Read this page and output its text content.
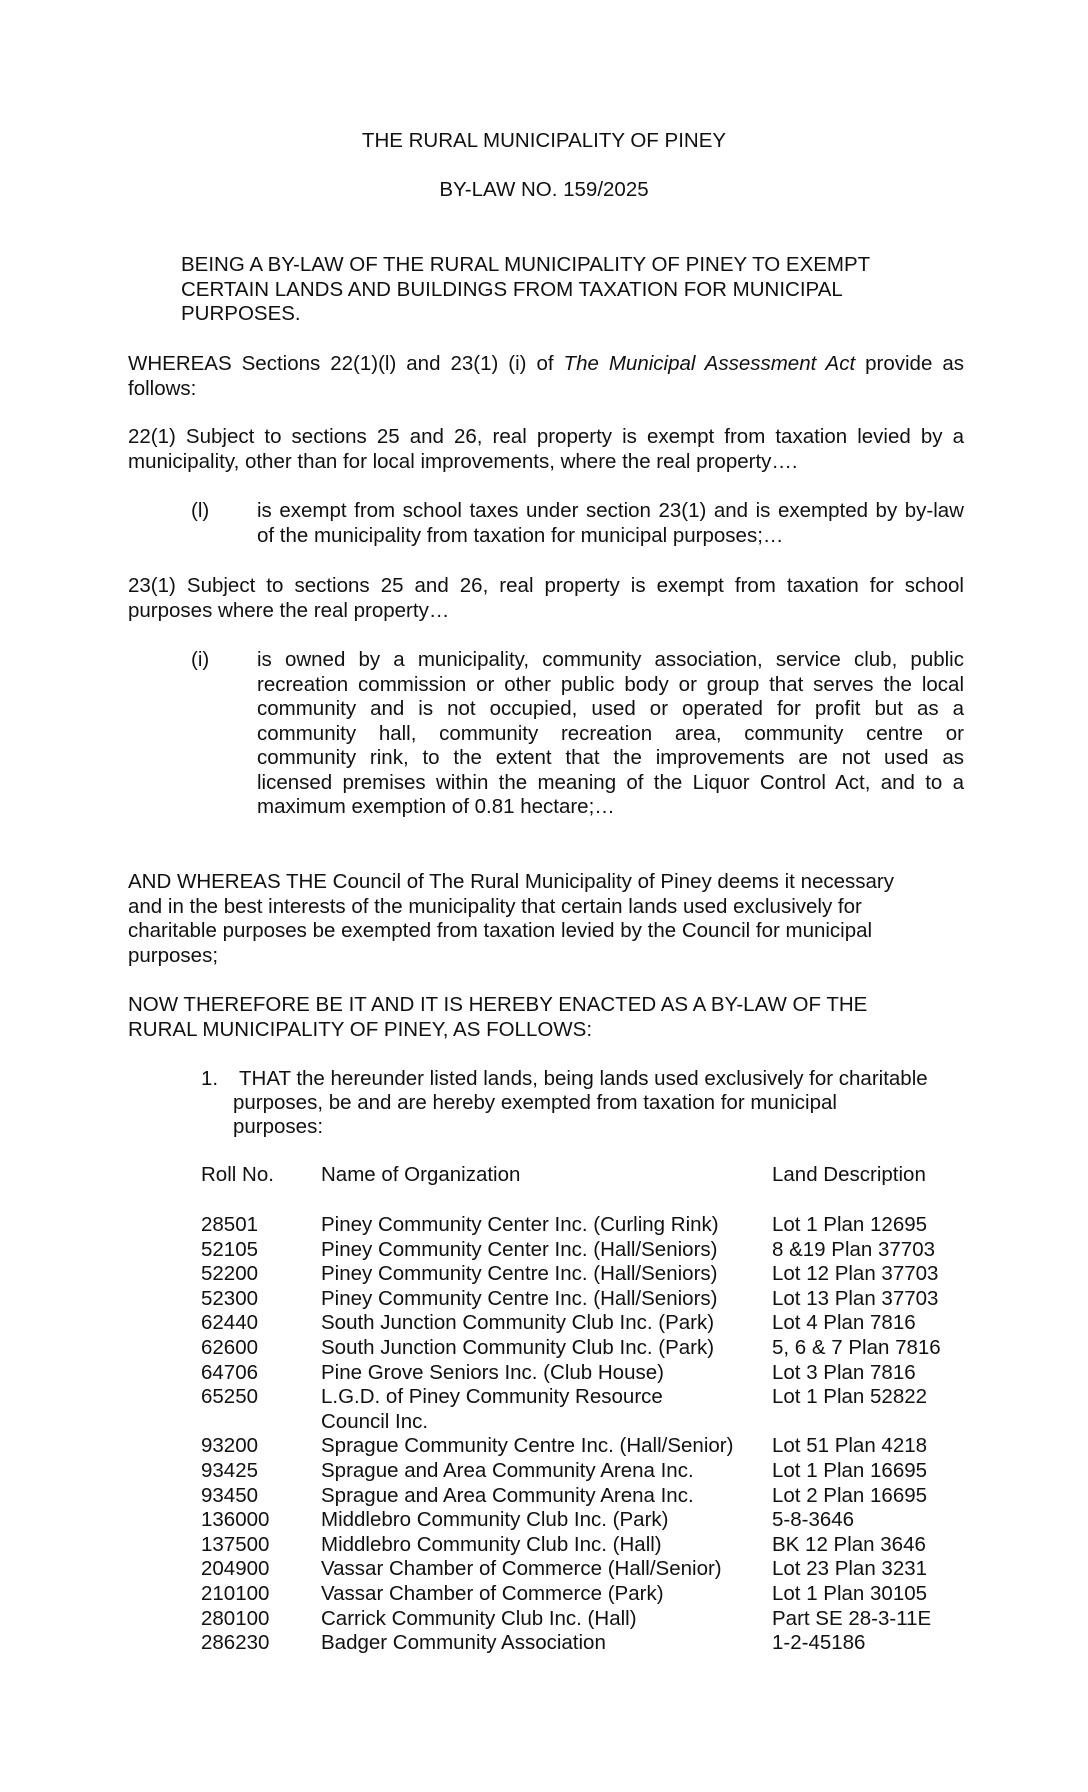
THE RURAL MUNICIPALITY OF PINEY
BY-LAW NO. 159/2025
BEING A BY-LAW OF THE RURAL MUNICIPALITY OF PINEY TO EXEMPT
CERTAIN LANDS AND BUILDINGS FROM TAXATION FOR MUNICIPAL
PURPOSES.
WHEREAS Sections 22(1)(l) and 23(1) (i) of The Municipal Assessment Act provide as
follows:
22(1) Subject to sections 25 and 26, real property is exempt from taxation levied by a
municipality, other than for local improvements, where the real property….
(l) is exempt from school taxes under section 23(1) and is exempted by by-law
of the municipality from taxation for municipal purposes;…
23(1) Subject to sections 25 and 26, real property is exempt from taxation for school
purposes where the real property…
(i) is owned by a municipality, community association, service club, public
recreation commission or other public body or group that serves the local
community and is not occupied, used or operated for profit but as a
community hall, community recreation area, community centre or
community rink, to the extent that the improvements are not used as
licensed premises within the meaning of the Liquor Control Act, and to a
maximum exemption of 0.81 hectare;…
AND WHEREAS THE Council of The Rural Municipality of Piney deems it necessary
and in the best interests of the municipality that certain lands used exclusively for
charitable purposes be exempted from taxation levied by the Council for municipal
purposes;
NOW THEREFORE BE IT AND IT IS HEREBY ENACTED AS A BY-LAW OF THE
RURAL MUNICIPALITY OF PINEY, AS FOLLOWS:
1. THAT the hereunder listed lands, being lands used exclusively for charitable
purposes, be and are hereby exempted from taxation for municipal
purposes:
Roll No. Name of Organization	Land Description
28501	Piney Community Center Inc. (Curling Rink)	Lot 1 Plan 12695
52105	Piney Community Center Inc. (Hall/Seniors)	8 &19 Plan 37703
52200	Piney Community Centre Inc. (Hall/Seniors)	Lot 12 Plan 37703
52300	Piney Community Centre Inc. (Hall/Seniors)	Lot 13 Plan 37703
62440	South Junction Community Club Inc. (Park)	Lot 4 Plan 7816
62600	South Junction Community Club Inc. (Park)	5, 6 & 7 Plan 7816
64706	Pine Grove Seniors Inc. (Club House)	Lot 3 Plan 7816
65250	L.G.D. of Piney Community Resource	Lot 1 Plan 52822
Council Inc.
93200	Sprague Community Centre Inc. (Hall/Senior) Lot 51 Plan 4218
93425	Sprague and Area Community Arena Inc.	Lot 1 Plan 16695
93450	Sprague and Area Community Arena Inc.	Lot 2 Plan 16695
136000	Middlebro Community Club Inc. (Park)	5-8-3646
137500	Middlebro Community Club Inc. (Hall)	BK 12 Plan 3646
204900	Vassar Chamber of Commerce (Hall/Senior) Lot 23 Plan 3231
210100	Vassar Chamber of Commerce (Park)	Lot 1 Plan 30105
280100	Carrick Community Club Inc. (Hall)	Part SE 28-3-11E
286230	Badger Community Association	1-2-45186
